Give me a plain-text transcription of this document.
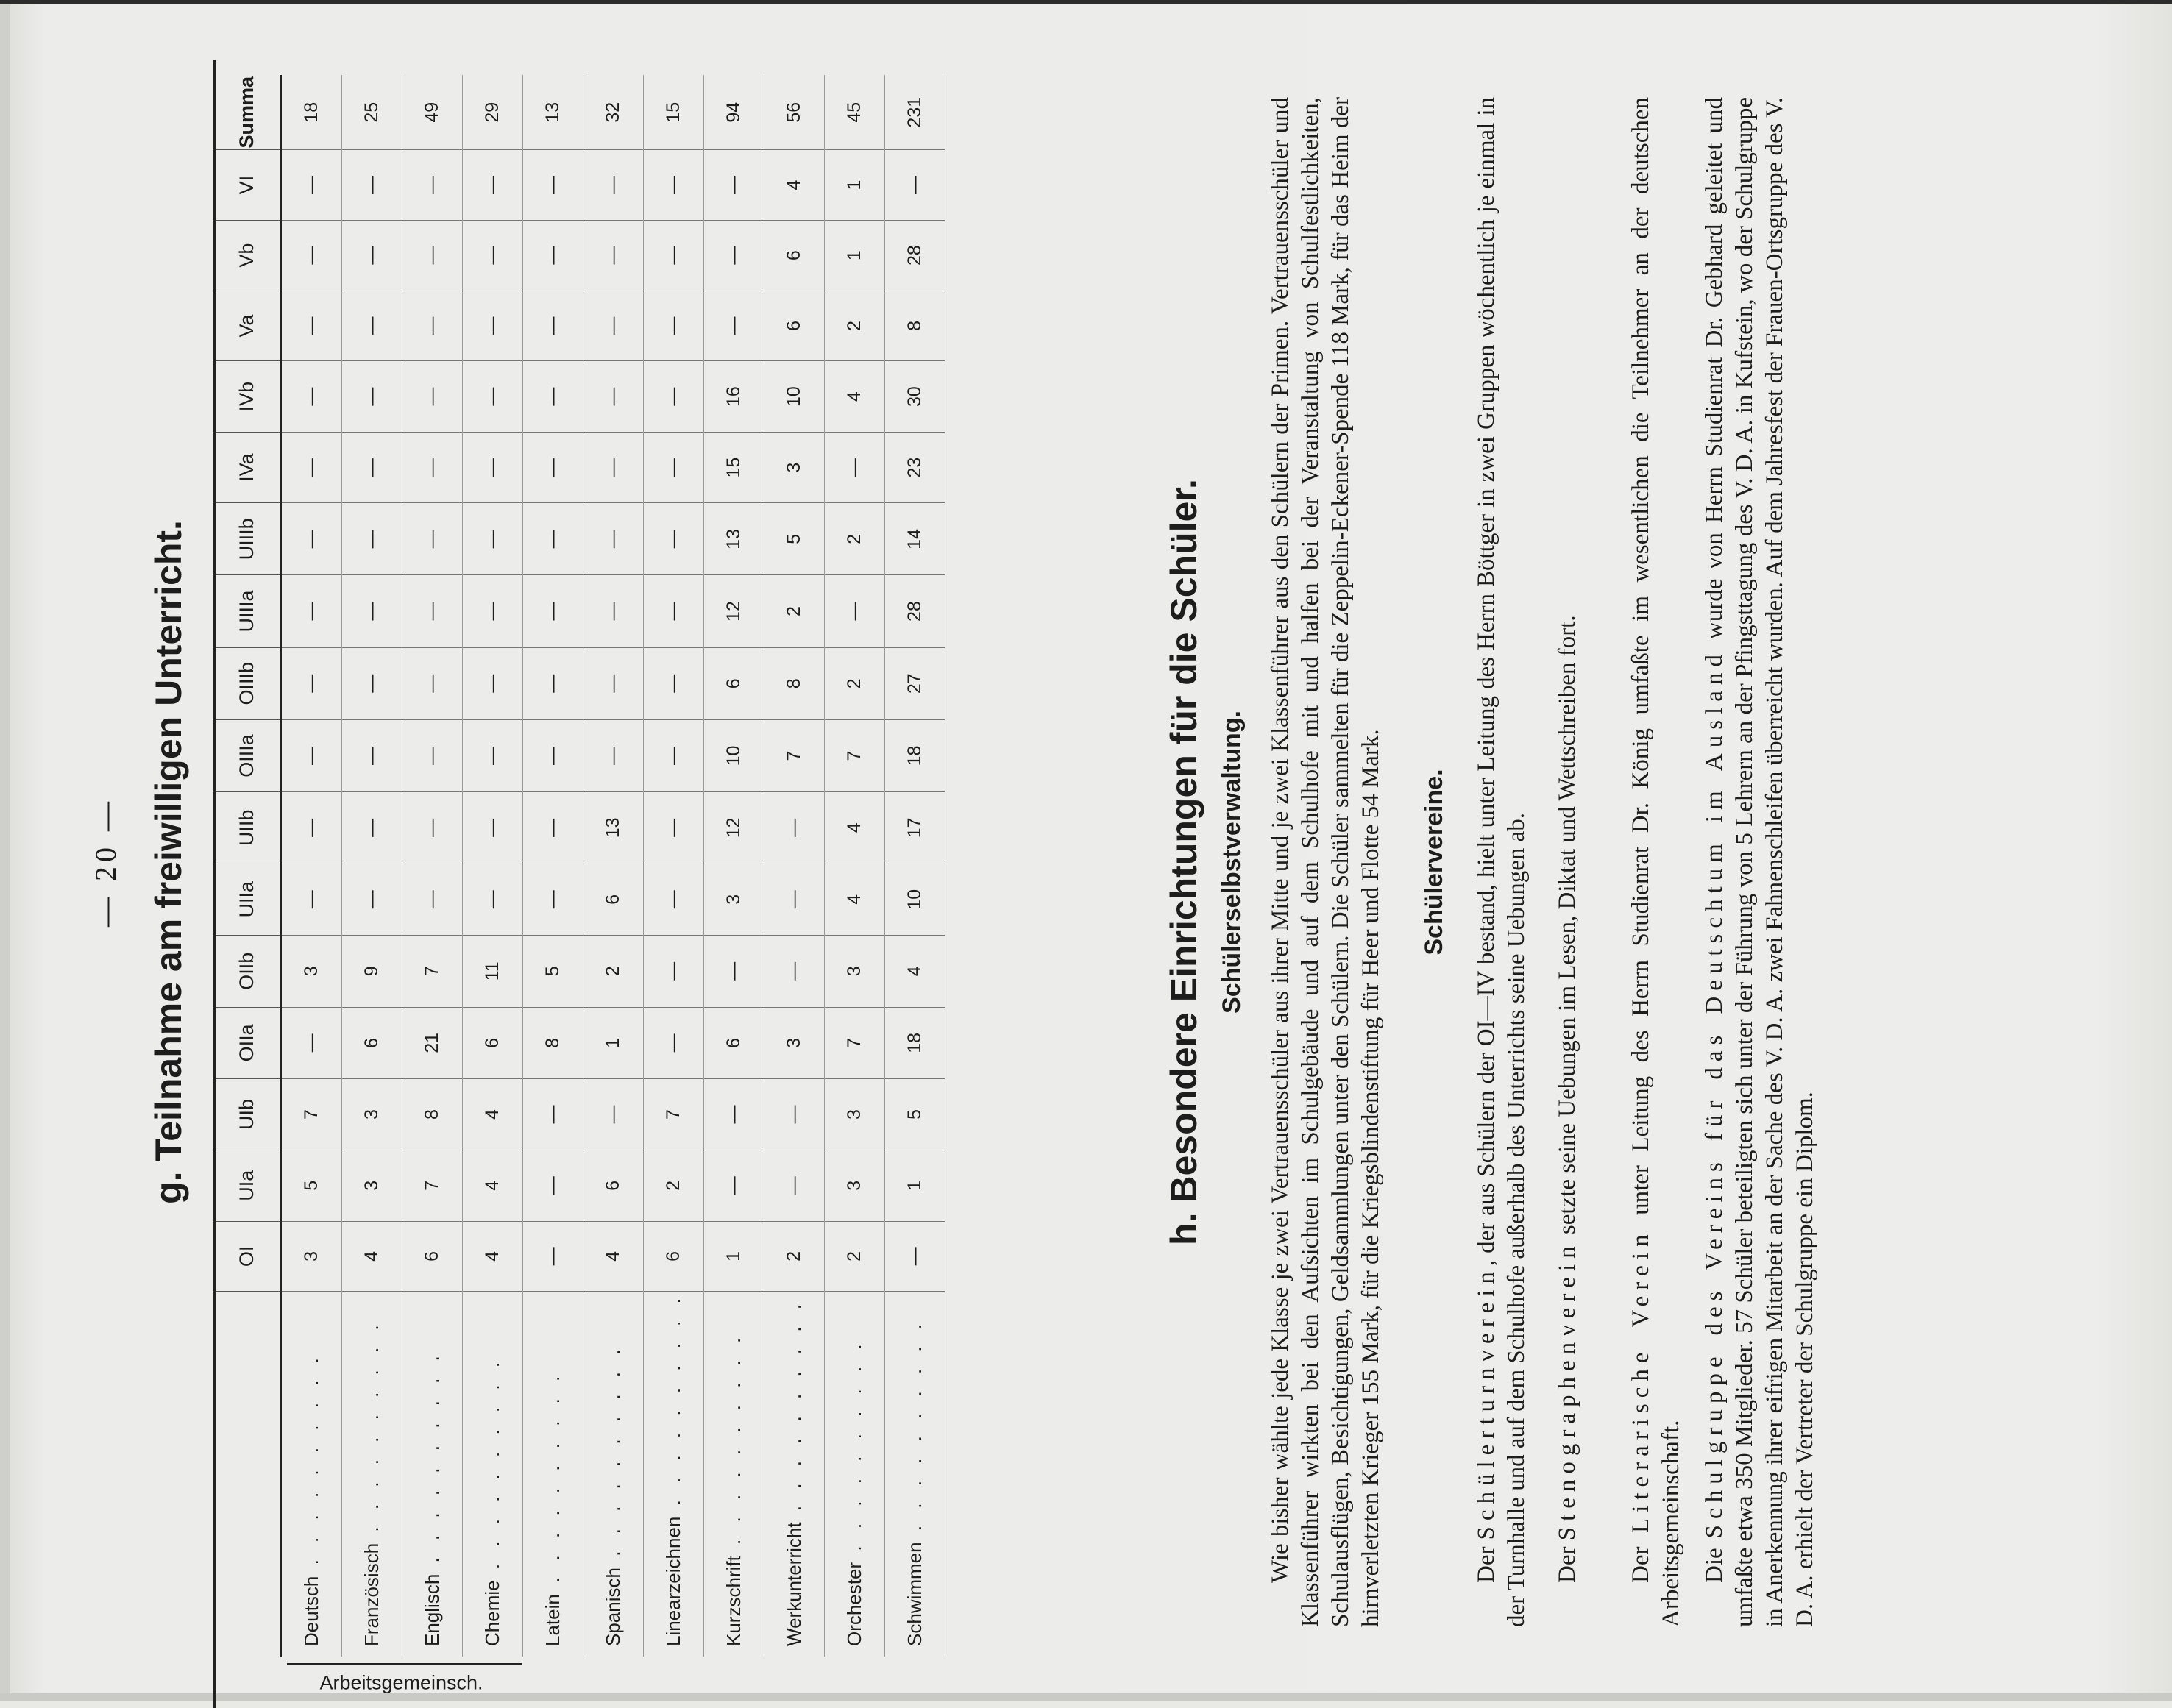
— 20 — g. Teilnahme am freiwilligen Unterricht.
Arbeitsgemeinsch.
	OI	UIa	UIb	OIIa	OIIb	UIIa	UIIb	OIIIa	OIIIb	UIIIa	UIIIb	IVa	IVb	Va	Vb	VI	Summa
Deutsch . . . . . . . . . .	3	5	7	—	3	—	—	—	—	—	—	—	—	—	—	—	18
Französisch . . . . . . . . . .	4	3	3	6	9	—	—	—	—	—	—	—	—	—	—	—	25
Englisch . . . . . . . . . .	6	7	8	21	7	—	—	—	—	—	—	—	—	—	—	—	49
Chemie . . . . . . . . . .	4	4	4	6	11	—	—	—	—	—	—	—	—	—	—	—	29
Latein . . . . . . . . . .	—	—	—	8	5	—	—	—	—	—	—	—	—	—	—	—	13
Spanisch . . . . . . . . . .	4	6	—	1	2	6	13	—	—	—	—	—	—	—	—	—	32
Linearzeichnen . . . . . . . . . .	6	2	7	—	—	—	—	—	—	—	—	—	—	—	—	—	15
Kurzschrift . . . . . . . . . .	1	—	—	6	—	3	12	10	6	12	13	15	16	—	—	—	94
Werkunterricht . . . . . . . . . .	2	—	—	3	—	—	—	7	8	2	5	3	10	6	6	4	56
Orchester . . . . . . . . . .	2	3	3	7	3	4	4	7	2	—	2	—	4	2	1	1	45
Schwimmen . . . . . . . . . .	—	1	5	18	4	10	17	18	27	28	14	23	30	8	28	—	231
h. Besondere Einrichtungen für die Schüler. Schülerselbstverwaltung. Wie bisher wählte jede Klasse je zwei Vertrauensschüler aus ihrer Mitte und je zwei Klassenführer aus den Schülern der Primen. Vertrauensschüler und Klassenführer wirkten bei den Aufsichten im Schulgebäude und auf dem Schulhofe mit und halfen bei der Veranstaltung von Schulfestlichkeiten, Schulausflügen, Besichtigungen, Geldsammlungen unter den Schülern. Die Schüler sammelten für die Zeppelin-Eckener-Spende 118 Mark, für das Heim der hirnverletzten Krieger 155 Mark, für die Kriegsblindenstiftung für Heer und Flotte 54 Mark. Schülervereine.
Der Schülerturnverein, der aus Schülern der OI—IV bestand, hielt unter Leitung des Herrn Böttger in zwei Gruppen wöchentlich je einmal in der Turnhalle und auf dem Schulhofe außerhalb des Unterrichts seine Uebungen ab. Der Stenographenverein setzte seine Uebungen im Lesen, Diktat und Wettschreiben fort.
Der Literarische Verein unter Leitung des Herrn Studienrat Dr. König umfaßte im wesentlichen die Teilnehmer an der deutschen Arbeitsgemeinschaft. Die Schulgruppe des Vereins für das Deutschtum im Ausland wurde von Herrn Studienrat Dr. Gebhard geleitet und umfaßte etwa 350 Mitglieder. 57 Schüler beteiligten sich unter der Führung von 5 Lehrern an der Pfingsttagung des V. D. A. in Kufstein, wo der Schulgruppe in Anerkennung ihrer eifrigen Mitarbeit an der Sache des V. D. A. zwei Fahnenschleifen überreicht wurden. Auf dem Jahresfest der Frauen-Ortsgruppe des V. D. A. erhielt der Vertreter der Schulgruppe ein Diplom.
